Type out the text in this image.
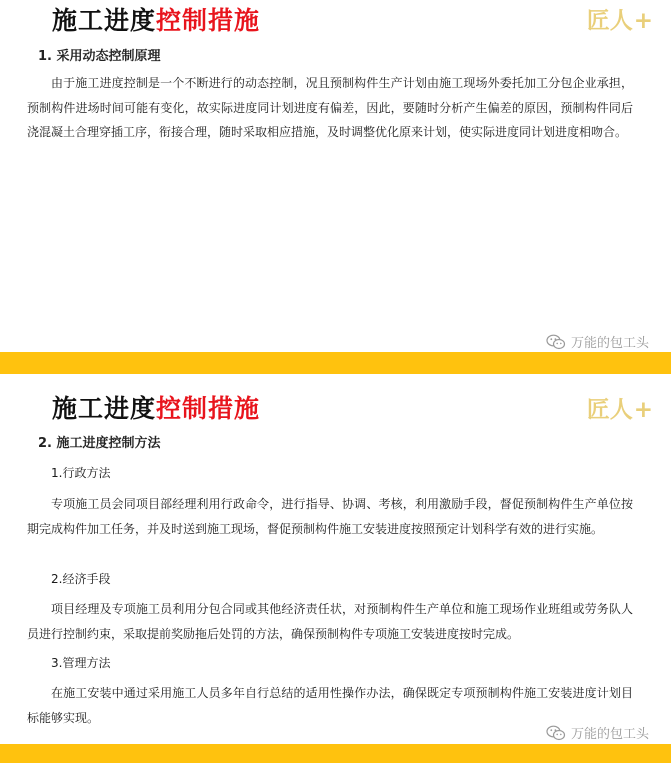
施工进度控制措施	匠人+
1. 采用动态控制原理

由于施工进度控制是一个不断进行的动态控制，况且预制构件生产计划由施工现场外委托加工分包企业承担，预制构件进场时间可能有变化，故实际进度同计划进度有偏差，因此，要随时分析产生偏差的原因，预制构件同后浇混凝土合理穿插工序，衔接合理，随时采取相应措施，及时调整优化原来计划，使实际进度同计划进度相吻合。

万能的包工头
施工进度控制措施	匠人+
2. 施工进度控制方法
1.行政方法

专项施工员会同项目部经理利用行政命令，进行指导、协调、考核，利用激励手段，督促预制构件生产单位按期完成构件加工任务，并及时送到施工现场，督促预制构件施工安装进度按照预定计划科学有效的进行实施。

2.经济手段

项目经理及专项施工员利用分包合同或其他经济责任状，对预制构件生产单位和施工现场作业班组或劳务队人员进行控制约束，采取提前奖励拖后处罚的方法，确保预制构件专项施工安装进度按时完成。

3.管理方法

在施工安装中通过采用施工人员多年自行总结的适用性操作办法，确保既定专项预制构件施工安装进度计划目标能够实现。

万能的包工头
